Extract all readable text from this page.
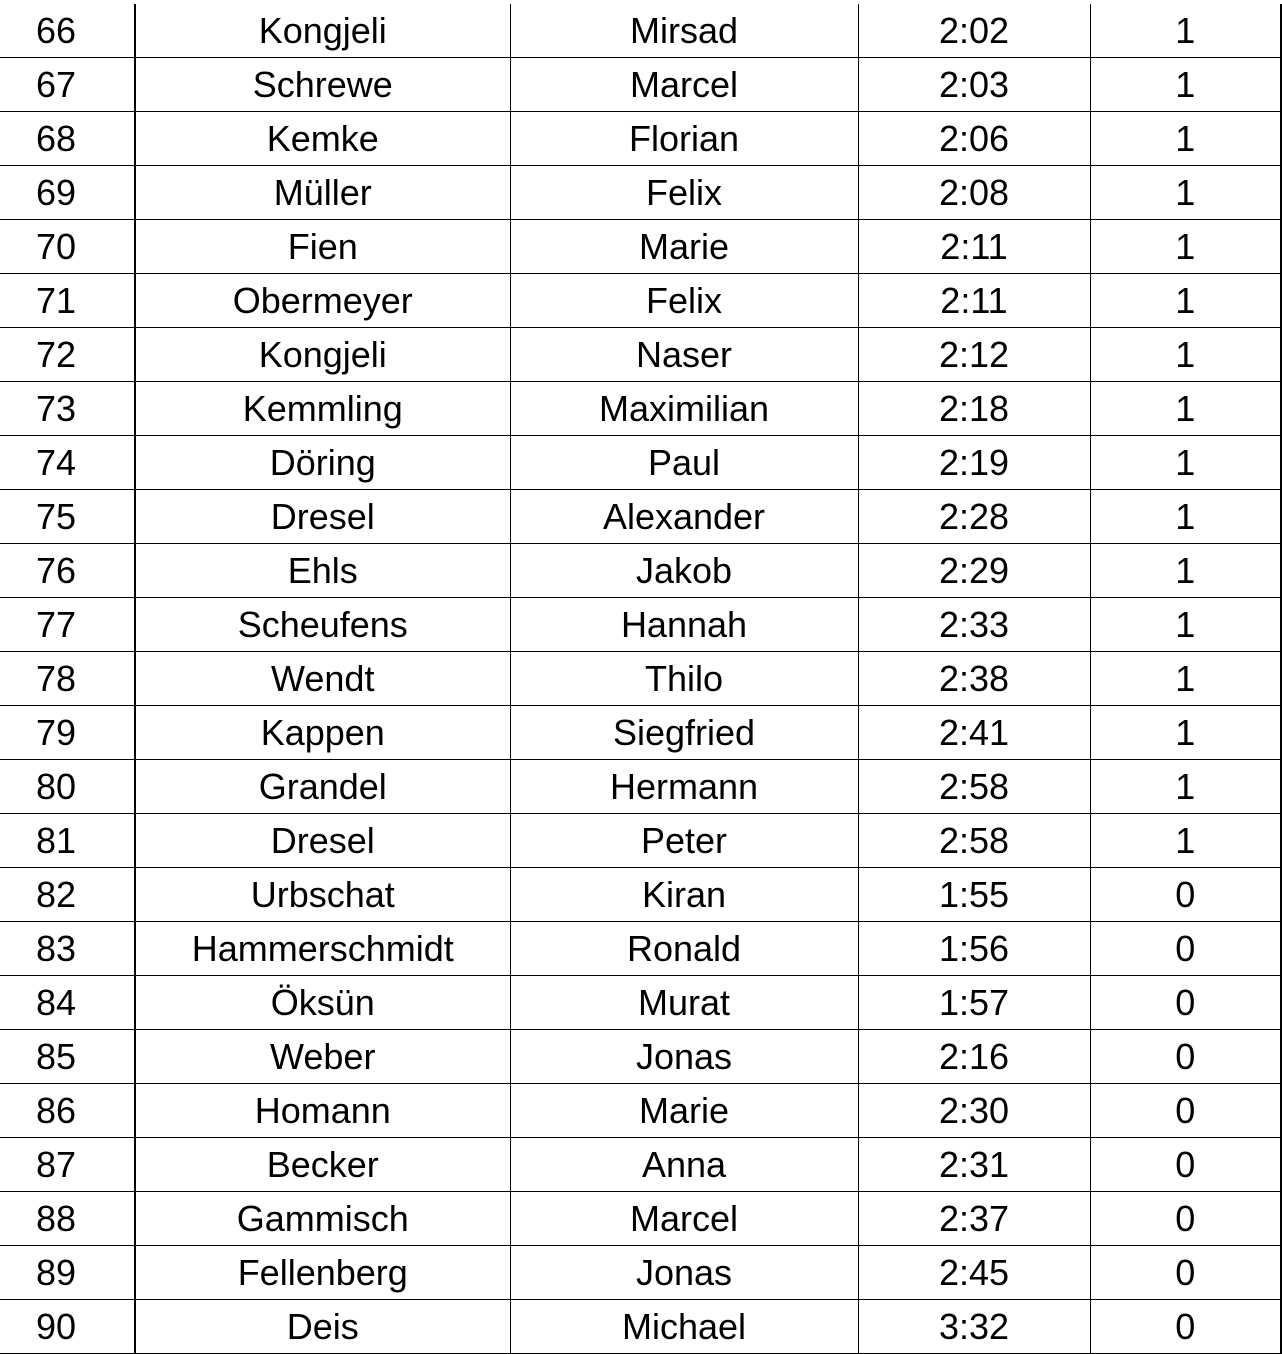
66	Kongjeli	Mirsad	2:02	1
67	Schrewe	Marcel	2:03	1
68	Kemke	Florian	2:06	1
69	Müller	Felix	2:08	1
70	Fien	Marie	2:11	1
71	Obermeyer	Felix	2:11	1
72	Kongjeli	Naser	2:12	1
73	Kemmling	Maximilian	2:18	1
74	Döring	Paul	2:19	1
75	Dresel	Alexander	2:28	1
76	Ehls	Jakob	2:29	1
77	Scheufens	Hannah	2:33	1
78	Wendt	Thilo	2:38	1
79	Kappen	Siegfried	2:41	1
80	Grandel	Hermann	2:58	1
81	Dresel	Peter	2:58	1
82	Urbschat	Kiran	1:55	0
83	Hammerschmidt	Ronald	1:56	0
84	Öksün	Murat	1:57	0
85	Weber	Jonas	2:16	0
86	Homann	Marie	2:30	0
87	Becker	Anna	2:31	0
88	Gammisch	Marcel	2:37	0
89	Fellenberg	Jonas	2:45	0
90	Deis	Michael	3:32	0
